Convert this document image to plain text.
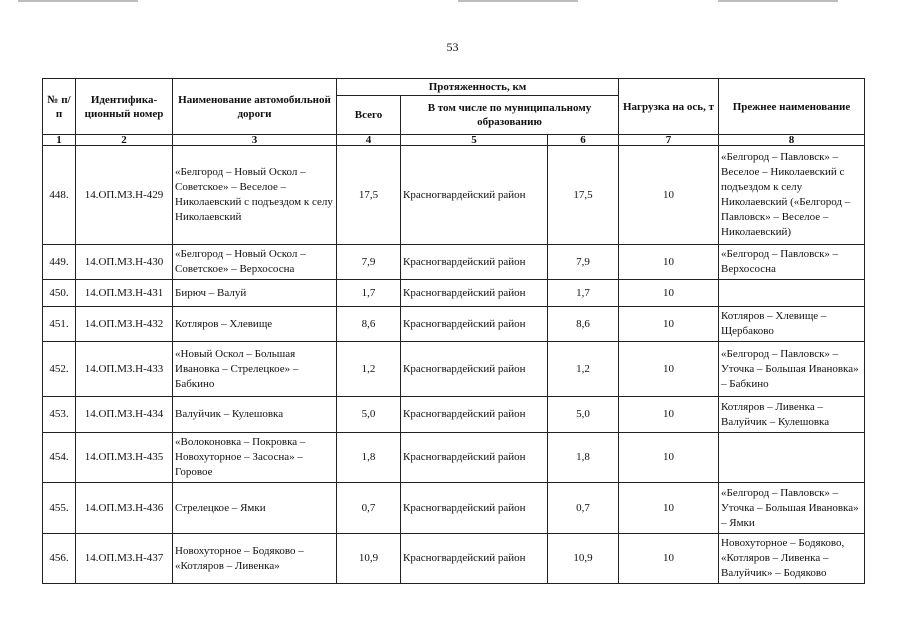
53
№ п/п	Идентифика-ционный номер	Наименование автомобильной дороги	Протяженность, км			Нагрузка на ось, т	Прежнее наименование
			Всего	В том числе по муниципальному образованию			
1	2	3	4	5	6	7	8
448.	14.ОП.МЗ.Н-429	«Белгород – Новый Оскол – Советское» – Веселое – Николаевский с подъездом к селу Николаевский	17,5	Красногвардейский район	17,5	10	«Белгород – Павловск» – Веселое – Николаевский с подъездом к селу Николаевский («Белгород – Павловск» – Веселое – Николаевский)
449.	14.ОП.МЗ.Н-430	«Белгород – Новый Оскол – Советское» – Верхососна	7,9	Красногвардейский район	7,9	10	«Белгород – Павловск» – Верхососна
450.	14.ОП.МЗ.Н-431	Бирюч – Валуй	1,7	Красногвардейский район	1,7	10	
451.	14.ОП.МЗ.Н-432	Котляров – Хлевище	8,6	Красногвардейский район	8,6	10	Котляров – Хлевище – Щербаково
452.	14.ОП.МЗ.Н-433	«Новый Оскол – Большая Ивановка – Стрелецкое» – Бабкино	1,2	Красногвардейский район	1,2	10	«Белгород – Павловск» – Уточка – Большая Ивановка» – Бабкино
453.	14.ОП.МЗ.Н-434	Валуйчик – Кулешовка	5,0	Красногвардейский район	5,0	10	Котляров – Ливенка – Валуйчик – Кулешовка
454.	14.ОП.МЗ.Н-435	«Волоконовка – Покровка – Новохуторное – Засосна» – Горовое	1,8	Красногвардейский район	1,8	10	
455.	14.ОП.МЗ.Н-436	Стрелецкое – Ямки	0,7	Красногвардейский район	0,7	10	«Белгород – Павловск» – Уточка – Большая Ивановка» – Ямки
456.	14.ОП.МЗ.Н-437	Новохуторное – Бодяково – «Котляров – Ливенка»	10,9	Красногвардейский район	10,9	10	Новохуторное – Бодяково, «Котляров – Ливенка – Валуйчик» – Бодяково
